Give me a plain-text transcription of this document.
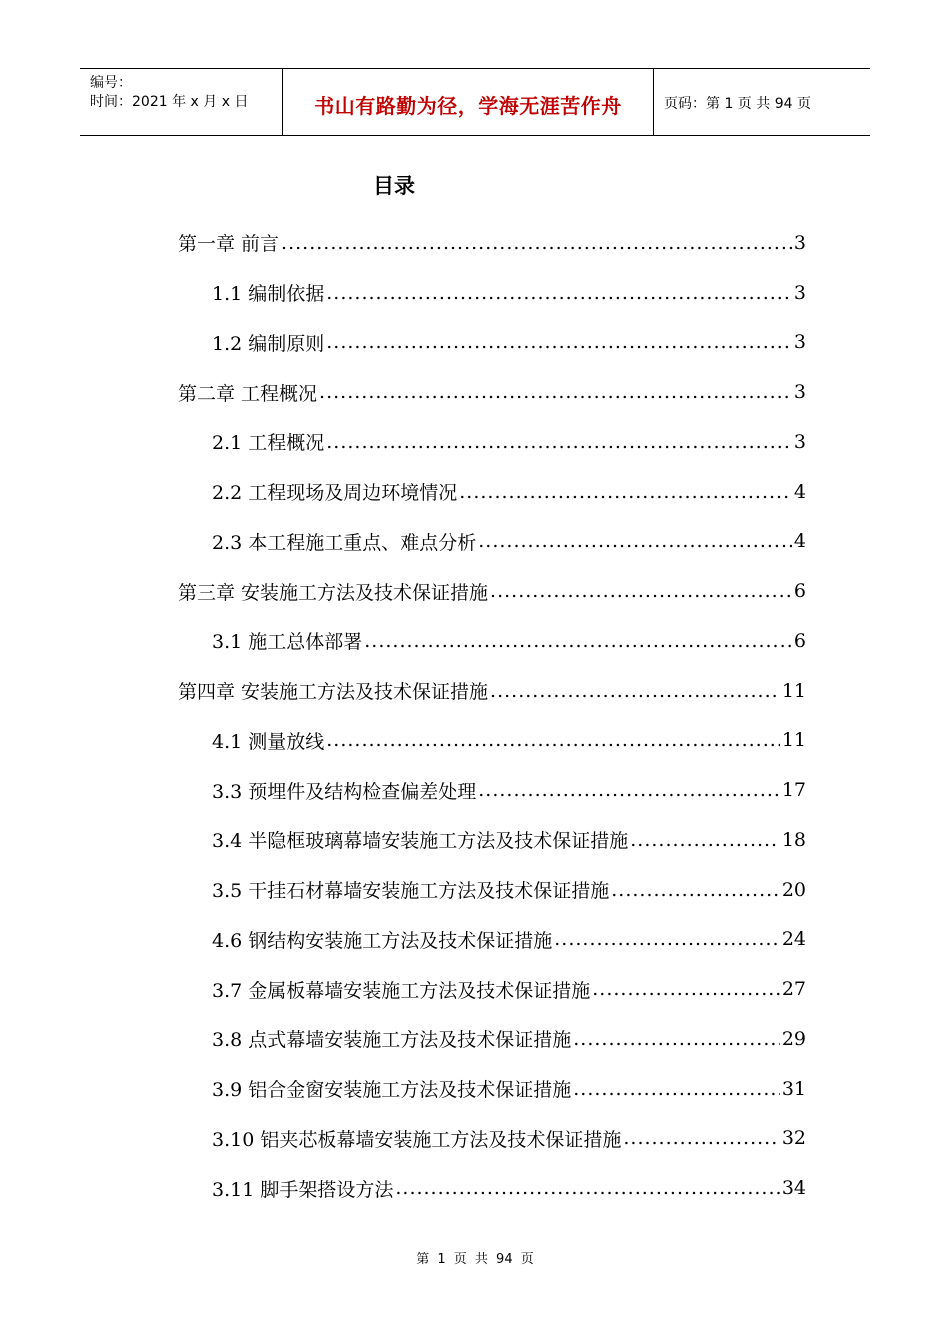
编号：
时间：2021 年 x 月 x 日	书山有路勤为径，学海无涯苦作舟	页码：第 1 页 共 94 页
目录
第一章 前言 .....	3
1.1 编制依据 .....	3
1.2 编制原则 .....	3
第二章 工程概况 .....	3
2.1 工程概况 .....	3
2.2 工程现场及周边环境情况 .....	4
2.3 本工程施工重点、难点分析 .....	4
第三章 安装施工方法及技术保证措施 .....	6
3.1 施工总体部署 .....	6
第四章 安装施工方法及技术保证措施 .....	11
4.1 测量放线 .....	11
3.3 预埋件及结构检查偏差处理 .....	17
3.4 半隐框玻璃幕墙安装施工方法及技术保证措施 .....	18
3.5 干挂石材幕墙安装施工方法及技术保证措施 .....	20
4.6 钢结构安装施工方法及技术保证措施 .....	24
3.7 金属板幕墙安装施工方法及技术保证措施 .....	27
3.8 点式幕墙安装施工方法及技术保证措施 .....	29
3.9 铝合金窗安装施工方法及技术保证措施 .....	31
3.10 铝夹芯板幕墙安装施工方法及技术保证措施 .....	32
3.11 脚手架搭设方法 .....	34
第 1 页 共 94 页
